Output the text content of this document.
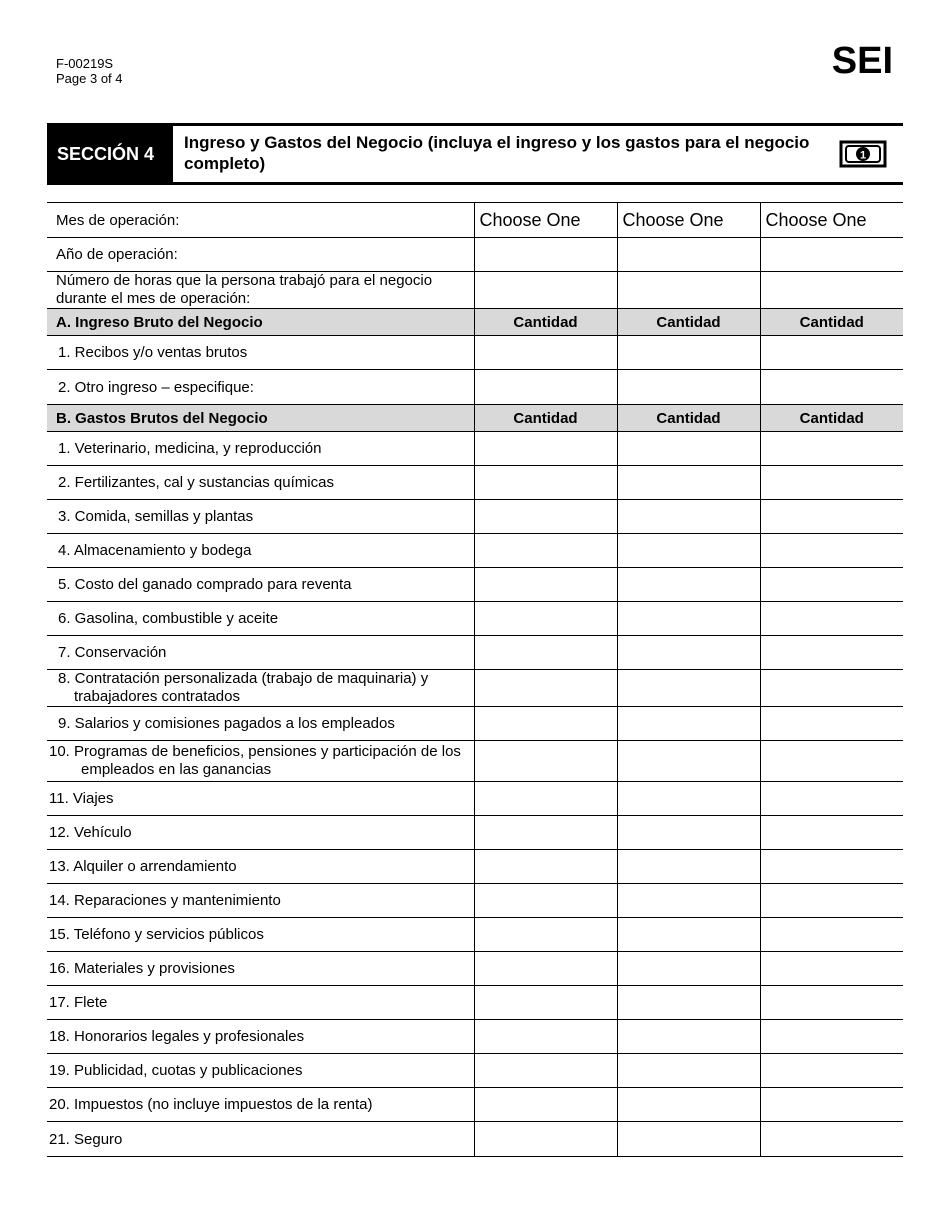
F-00219S
Page 3 of 4	SEI
SECCIÓN 4
Ingreso y Gastos del Negocio (incluya el ingreso y los gastos para el negocio completo)	1
Mes de operación:	Choose One	Choose One	Choose One
Año de operación:			
Número de horas que la persona trabajó para el negocio durante el mes de operación:			
A. Ingreso Bruto del Negocio	Cantidad	Cantidad	Cantidad
1. Recibos y/o ventas brutos			
2. Otro ingreso – especifique:			
B. Gastos Brutos del Negocio	Cantidad	Cantidad	Cantidad
1. Veterinario, medicina, y reproducción			
2. Fertilizantes, cal y sustancias químicas			
3. Comida, semillas y plantas			
4. Almacenamiento y bodega			
5. Costo del ganado comprado para reventa			
6. Gasolina, combustible y aceite			
7. Conservación			

8. Contratación personalizada (trabajo de maquinaria) y trabajadores contratados			

9. Salarios y comisiones pagados a los empleados			

10. Programas de beneficios, pensiones y participación de los empleados en las ganancias			

11. Viajes			
12. Vehículo			
13. Alquiler o arrendamiento			
14. Reparaciones y mantenimiento			
15. Teléfono y servicios públicos			
16. Materiales y provisiones			
17. Flete			
18. Honorarios legales y profesionales			
19. Publicidad, cuotas y publicaciones			
20. Impuestos (no incluye impuestos de la renta)			
21. Seguro			
